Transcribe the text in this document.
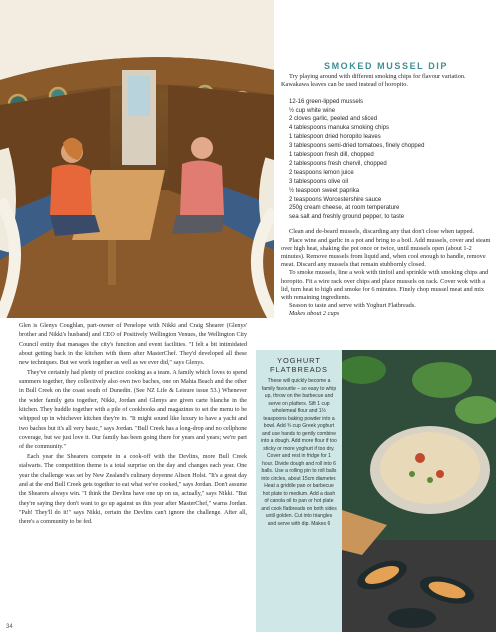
SMOKED MUSSEL DIP
Try playing around with different smoking chips for flavour variation. Kawakawa leaves can be used instead of horopito.
12-16 green-lipped mussels
½ cup white wine
2 cloves garlic, peeled and sliced
4 tablespoons manuka smoking chips
1 tablespoon dried horopito leaves
3 tablespoons semi-dried tomatoes, finely chopped
1 tablespoon fresh dill, chopped
2 tablespoons fresh chervil, chopped
2 teaspoons lemon juice
3 tablespoons olive oil
½ teaspoon sweet paprika
2 teaspoons Worcestershire sauce
250g cream cheese, at room temperature
sea salt and freshly ground pepper, to taste

Clean and de-beard mussels, discarding any that don't close when tapped.

Place wine and garlic in a pot and bring to a boil. Add mussels, cover and steam over high heat, shaking the pot once or twice, until mussels open (about 1-2 minutes). Remove mussels from liquid and, when cool enough to handle, remove meat. Discard any mussels that remain stubbornly closed.

To smoke mussels, line a wok with tinfoil and sprinkle with smoking chips and horopito. Fit a wire rack over chips and place mussels on rack. Cover wok with a lid, turn heat to high and smoke for 6 minutes. Finely chop mussel meat and mix with remaining ingredients.

Season to taste and serve with Yoghurt Flatbreads.

Makes about 2 cups

Glen is Glenys Coughlan, part-owner of Penelope with Nikki and Craig Shearer (Glenys' brother and Nikki's husband) and CEO of Positively Wellington Venues, the Wellington City Council entity that manages the city's function and event facilities. "I felt a bit intimidated about getting back in the kitchen with them after MasterChef. They'd developed all these new techniques. But we work together as well as we ever did," says Glenys.

They've certainly had plenty of practice cooking as a team. A family which loves to spend summers together, they collectively also own two baches, one on Mahia Beach and the other in Bull Creek on the coast south of Dunedin. (See NZ Life & Leisure issue 53.) Whenever the wider family gets together, Nikki, Jordan and Glenys are given carte blanche in the kitchen. They huddle together with a pile of cookbooks and magazines to set the menu to be whipped up in whichever kitchen they're in. "It might sound like luxury to have a yacht and two baches but it's all very basic," says Jordan. "Bull Creek has a long-drop and no cellphone coverage, but we just love it. Our family has been going there for years and years; we're part of the community."

Each year the Shearers compete in a cook-off with the Devlins, more Bull Creek stalwarts. The competition theme is a total surprise on the day and changes each year. One year the challenge was set by New Zealand's culinary doyenne Alison Holst. "It's a great day and at the end Bull Creek gets together to eat what we've cooked," says Jordan. Don't assume the Shearers always win. "I think the Devlins have one up on us, actually," says Nikki. "But they're saying they don't want to go up against us this year after MasterChef," warns Jordan. "Pah! They'll do it!" says Nikki, certain the Devlins can't ignore the challenge. After all, there's a community to be fed.

YOGHURT
FLATBREADS
These will quickly become a family favourite – so easy to whip up, throw on the barbecue and serve on platters. Sift 1 cup wholemeal flour and 1½ teaspoons baking powder into a bowl. Add ¾ cup Greek yoghurt and use hands to gently combine into a dough. Add more flour if too sticky or more yoghurt if too dry. Cover and rest in fridge for 1 hour. Divide dough and roll into 6 balls. Use a rolling pin to roll balls into circles, about 15cm diameter. Heat a griddle pan or barbecue hot plate to medium. Add a dash of canola oil to pan or hot plate and cook flatbreads on both sides until golden. Cut into triangles and serve with dip. Makes 6
34
